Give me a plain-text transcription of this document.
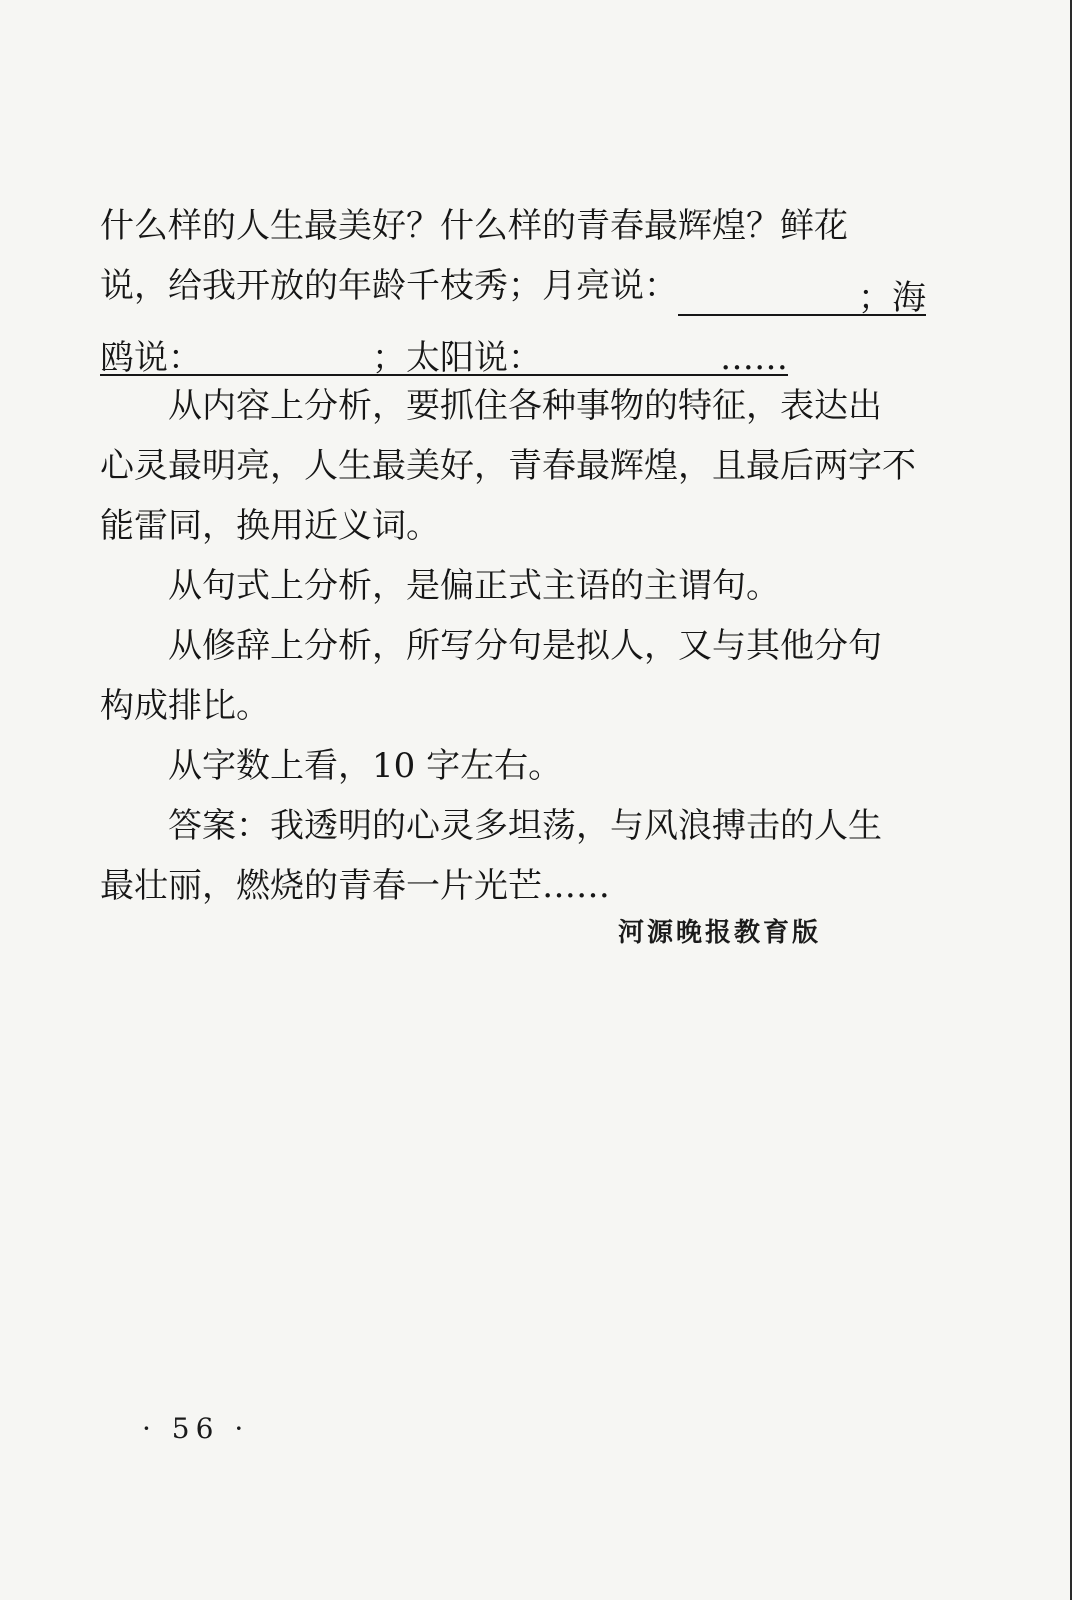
什么样的人生最美好？什么样的青春最辉煌？鲜花
说，给我开放的年龄千枝秀；月亮说：	；海
鸥说：	；太阳说：	……
从内容上分析，要抓住各种事物的特征，表达出
心灵最明亮，人生最美好，青春最辉煌，且最后两字不
能雷同，换用近义词。
从句式上分析，是偏正式主语的主谓句。
从修辞上分析，所写分句是拟人，又与其他分句
构成排比。
从字数上看，10 字左右。
答案：我透明的心灵多坦荡，与风浪搏击的人生
最壮丽，燃烧的青春一片光芒……
河源晚报教育版
· 56 ·
